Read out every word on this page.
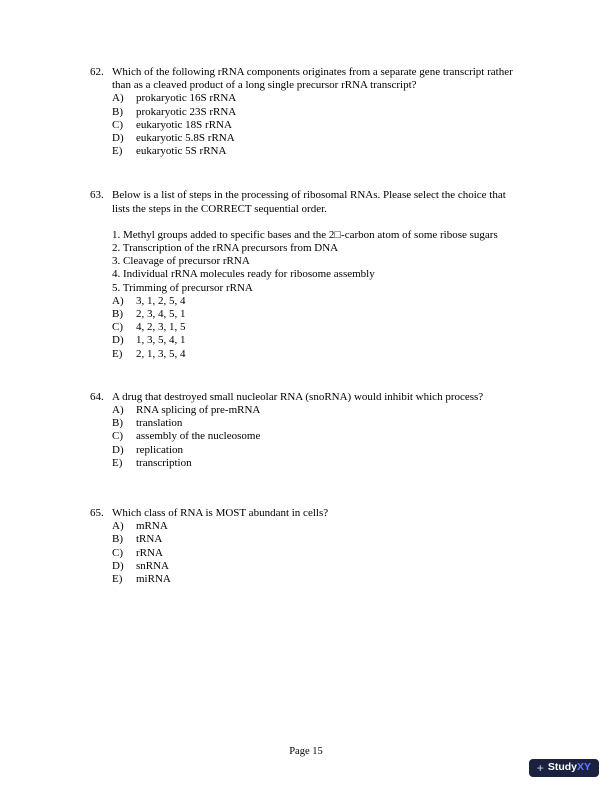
62. Which of the following rRNA components originates from a separate gene transcript rather than as a cleaved product of a long single precursor rRNA transcript?
A)	prokaryotic 16S rRNA
B)	prokaryotic 23S rRNA
C)	eukaryotic 18S rRNA
D)	eukaryotic 5.8S rRNA
E)	eukaryotic 5S rRNA
63. Below is a list of steps in the processing of ribosomal RNAs. Please select the choice that lists the steps in the CORRECT sequential order.
1. Methyl groups added to specific bases and the 2□-carbon atom of some ribose sugars
2. Transcription of the rRNA precursors from DNA
3. Cleavage of precursor rRNA
4. Individual rRNA molecules ready for ribosome assembly
5. Trimming of precursor rRNA
A)	3, 1, 2, 5, 4
B)	2, 3, 4, 5, 1
C)	4, 2, 3, 1, 5
D)	1, 3, 5, 4, 1
E)	2, 1, 3, 5, 4
64. A drug that destroyed small nucleolar RNA (snoRNA) would inhibit which process?
A)	RNA splicing of pre-mRNA
B)	translation
C)	assembly of the nucleosome
D)	replication
E)	transcription
65. Which class of RNA is MOST abundant in cells?
A)	mRNA
B)	tRNA
C)	rRNA
D)	snRNA
E)	miRNA
Page 15
+ Study XY
